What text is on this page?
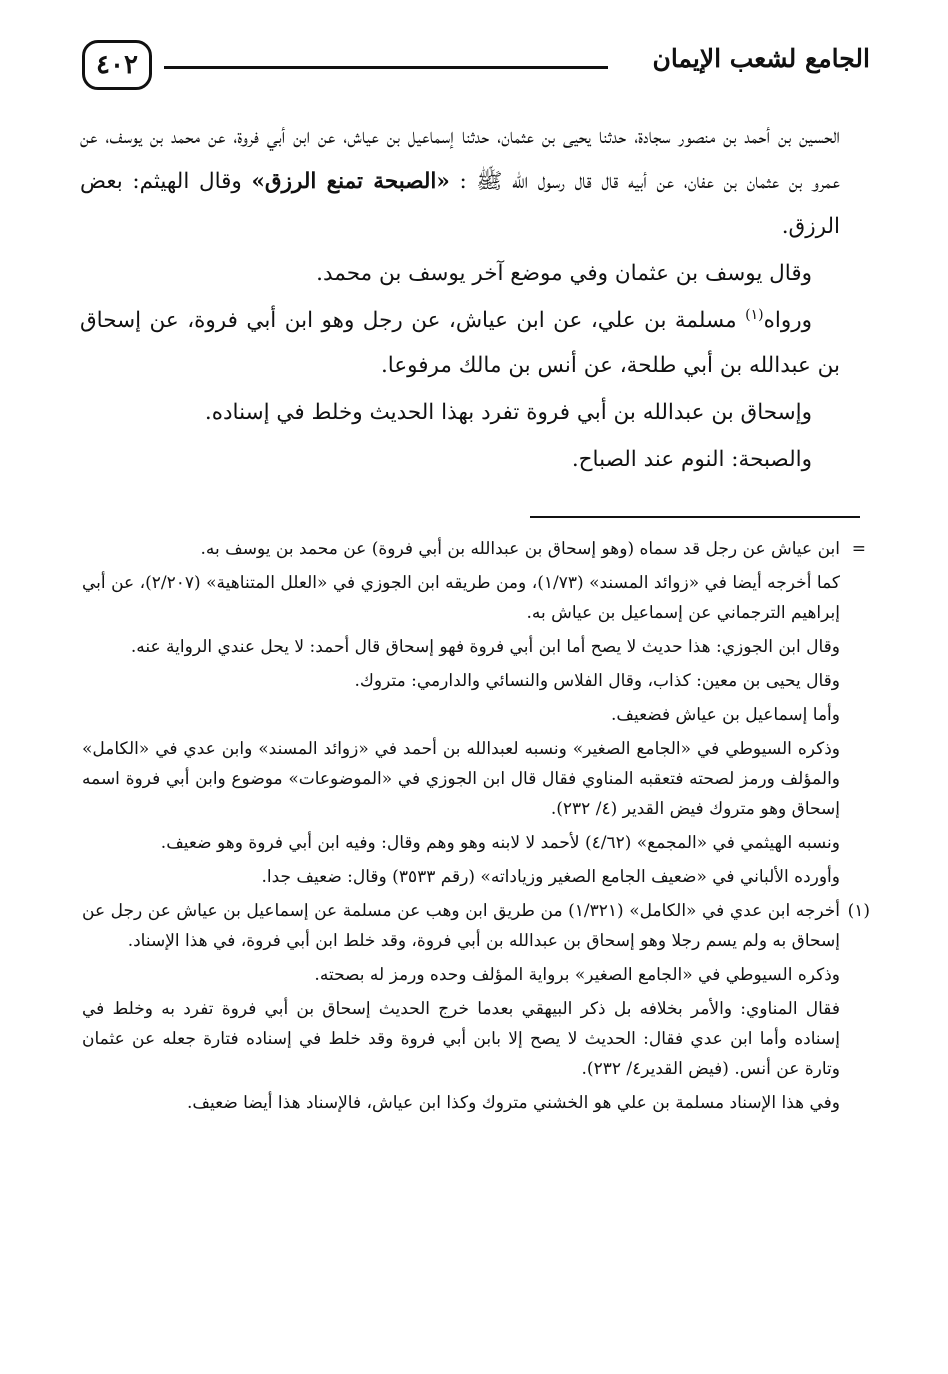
الجامع لشعب الإيمان
٤٠٢

الحسين بن أحمد بن منصور سجادة، حدثنا يحيى بن عثمان، حدثنا إسماعيل بن عياش، عن ابن أبي فروة، عن محمد بن يوسف، عن عمرو بن عثمان بن عفان، عن أبيه قال قال رسول الله ﷺ : «الصبحة تمنع الرزق» وقال الهيثم: بعض الرزق.

وقال يوسف بن عثمان وفي موضع آخر يوسف بن محمد.

ورواه$^{(١)}$ مسلمة بن علي، عن ابن عياش، عن رجل وهو ابن أبي فروة، عن إسحاق بن عبدالله بن أبي طلحة، عن أنس بن مالك مرفوعا.

وإسحاق بن عبدالله بن أبي فروة تفرد بهذا الحديث وخلط في إسناده.

والصبحة: النوم عند الصباح.

=
ابن عياش عن رجل قد سماه (وهو إسحاق بن عبدالله بن أبي فروة) عن محمد بن يوسف به.

كما أخرجه أيضا في «زوائد المسند» (١/٧٣)، ومن طريقه ابن الجوزي في «العلل المتناهية» (٢/٢٠٧)، عن أبي إبراهيم الترجماني عن إسماعيل بن عياش به.

وقال ابن الجوزي: هذا حديث لا يصح أما ابن أبي فروة فهو إسحاق قال أحمد: لا يحل عندي الرواية عنه.

وقال يحيى بن معين: كذاب، وقال الفلاس والنسائي والدارمي: متروك.

وأما إسماعيل بن عياش فضعيف.

وذكره السيوطي في «الجامع الصغير» ونسبه لعبدالله بن أحمد في «زوائد المسند» وابن عدي في «الكامل» والمؤلف ورمز لصحته فتعقبه المناوي فقال قال ابن الجوزي في «الموضوعات» موضوع وابن أبي فروة اسمه إسحاق وهو متروك فيض القدير (٤/ ٢٣٢).

ونسبه الهيثمي في «المجمع» (٤/٦٢) لأحمد لا لابنه وهو وهم وقال: وفيه ابن أبي فروة وهو ضعيف.

وأورده الألباني في «ضعيف الجامع الصغير وزياداته» (رقم ٣٥٣٣) وقال: ضعيف جدا.

(١)
أخرجه ابن عدي في «الكامل» (١/٣٢١) من طريق ابن وهب عن مسلمة عن إسماعيل بن عياش عن رجل عن إسحاق به ولم يسم رجلا وهو إسحاق بن عبدالله بن أبي فروة، وقد خلط ابن أبي فروة، في هذا الإسناد.

وذكره السيوطي في «الجامع الصغير» برواية المؤلف وحده ورمز له بصحته.

فقال المناوي: والأمر بخلافه بل ذكر البيهقي بعدما خرج الحديث إسحاق بن أبي فروة تفرد به وخلط في إسناده وأما ابن عدي فقال: الحديث لا يصح إلا بابن أبي فروة وقد خلط في إسناده فتارة جعله عن عثمان وتارة عن أنس. (فيض القدير٤/ ٢٣٢).

وفي هذا الإسناد مسلمة بن علي هو الخشني متروك وكذا ابن عياش، فالإسناد هذا أيضا ضعيف.
